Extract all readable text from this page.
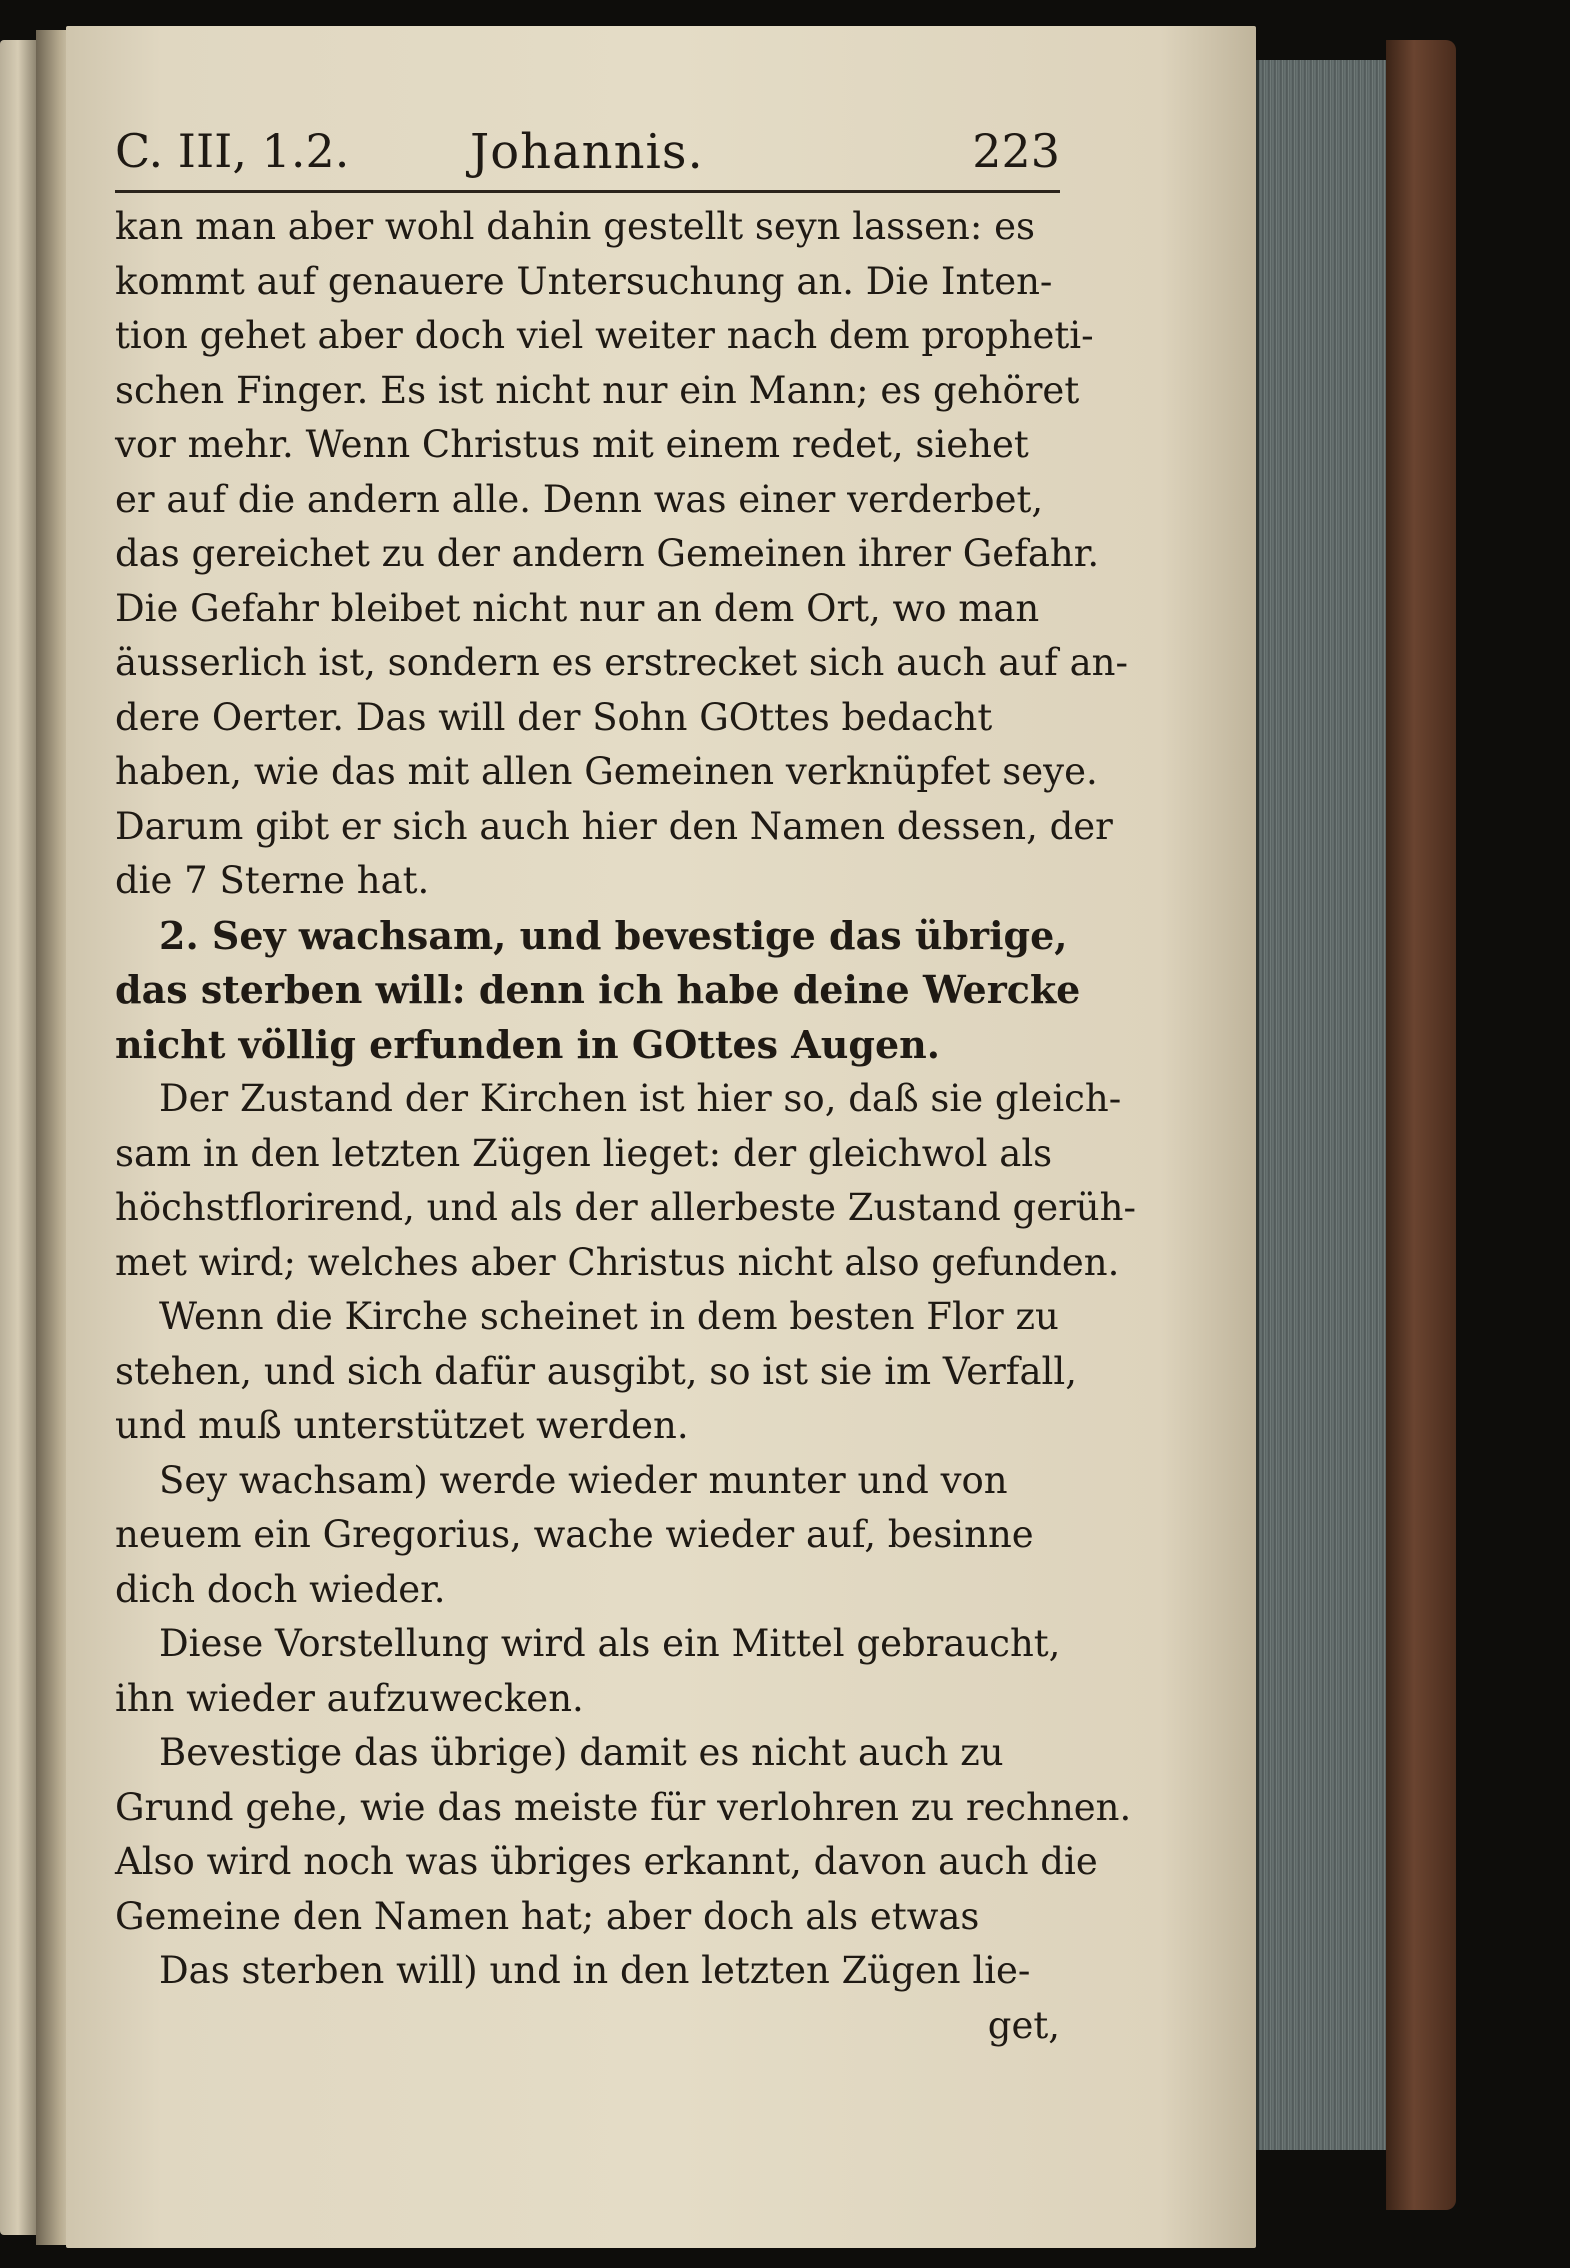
C. III, 1.2.	Johannis.	223
kan man aber wohl dahin gestellt seyn lassen: es
kommt auf genauere Untersuchung an. Die Inten-
tion gehet aber doch viel weiter nach dem propheti-
schen Finger. Es ist nicht nur ein Mann; es gehöret
vor mehr. Wenn Christus mit einem redet, siehet
er auf die andern alle. Denn was einer verderbet,
das gereichet zu der andern Gemeinen ihrer Gefahr.
Die Gefahr bleibet nicht nur an dem Ort, wo man
äusserlich ist, sondern es erstrecket sich auch auf an-
dere Oerter. Das will der Sohn GOttes bedacht
haben, wie das mit allen Gemeinen verknüpfet seye.
Darum gibt er sich auch hier den Namen dessen, der
die 7 Sterne hat.
2. Sey wachsam, und bevestige das übrige,
das sterben will: denn ich habe deine Wercke
nicht völlig erfunden in GOttes Augen.
Der Zustand der Kirchen ist hier so, daß sie gleich-
sam in den letzten Zügen lieget: der gleichwol als
höchstflorirend, und als der allerbeste Zustand gerüh-
met wird; welches aber Christus nicht also gefunden.
Wenn die Kirche scheinet in dem besten Flor zu
stehen, und sich dafür ausgibt, so ist sie im Verfall,
und muß unterstützet werden.
Sey wachsam) werde wieder munter und von
neuem ein Gregorius, wache wieder auf, besinne
dich doch wieder.
Diese Vorstellung wird als ein Mittel gebraucht,
ihn wieder aufzuwecken.
Bevestige das übrige) damit es nicht auch zu
Grund gehe, wie das meiste für verlohren zu rechnen.
Also wird noch was übriges erkannt, davon auch die
Gemeine den Namen hat; aber doch als etwas
Das sterben will) und in den letzten Zügen lie-
get,
